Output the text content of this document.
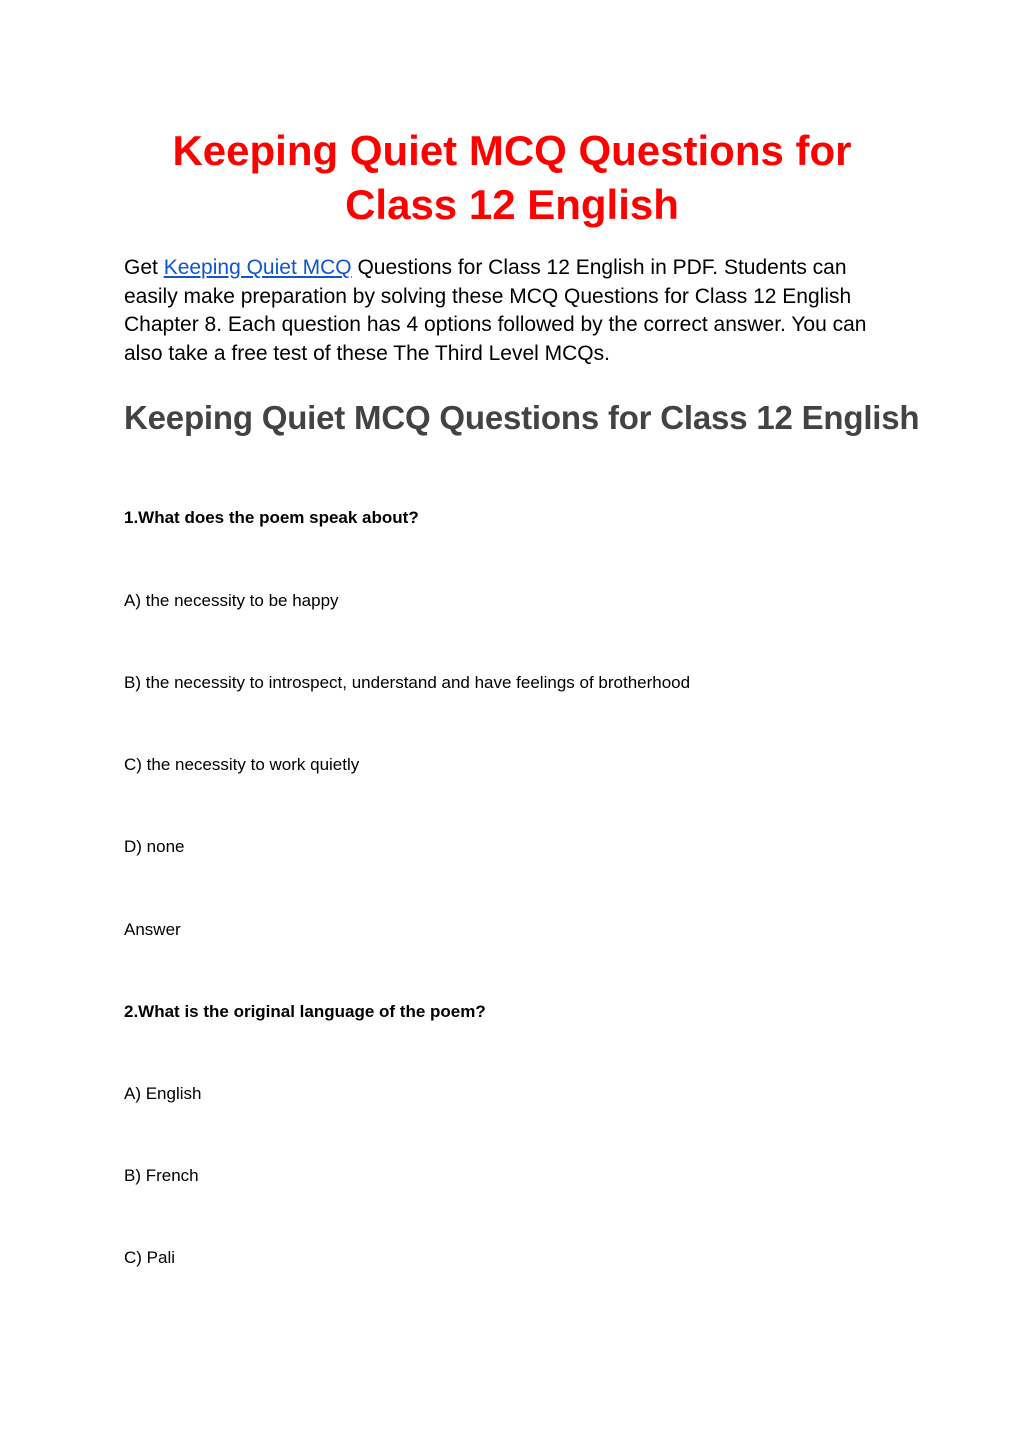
Keeping Quiet MCQ Questions for
Class 12 English

Get Keeping Quiet MCQ Questions for Class 12 English in PDF. Students can
easily make preparation by solving these MCQ Questions for Class 12 English
Chapter 8. Each question has 4 options followed by the correct answer. You can
also take a free test of these The Third Level MCQs.

Keeping Quiet MCQ Questions for Class 12 English

1.What does the poem speak about?

A) the necessity to be happy

B) the necessity to introspect, understand and have feelings of brotherhood

C) the necessity to work quietly

D) none

Answer

2.What is the original language of the poem?

A) English

B) French

C) Pali
